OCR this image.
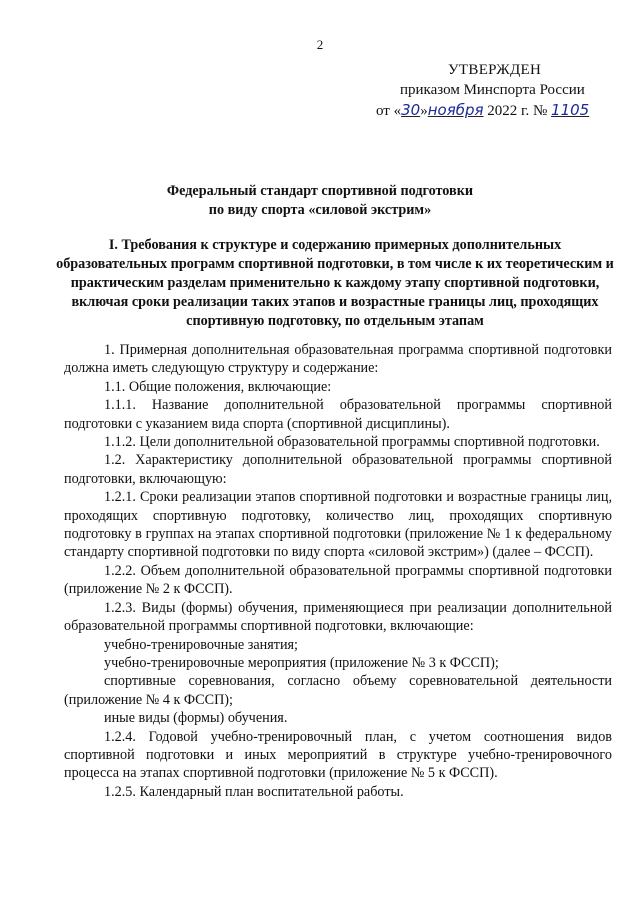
2
УТВЕРЖДЕН
приказом Минспорта России
от «30»ноября 2022 г. № 1105
Федеральный стандарт спортивной подготовки
по виду спорта «силовой экстрим»
I. Требования к структуре и содержанию примерных дополнительных образовательных программ спортивной подготовки, в том числе к их теоретическим и практическим разделам применительно к каждому этапу спортивной подготовки, включая сроки реализации таких этапов и возрастные границы лиц, проходящих спортивную подготовку, по отдельным этапам

1. Примерная дополнительная образовательная программа спортивной подготовки должна иметь следующую структуру и содержание:

1.1. Общие положения, включающие:

1.1.1. Название дополнительной образовательной программы спортивной подготовки с указанием вида спорта (спортивной дисциплины).

1.1.2. Цели дополнительной образовательной программы спортивной подготовки.

1.2. Характеристику дополнительной образовательной программы спортивной подготовки, включающую:

1.2.1. Сроки реализации этапов спортивной подготовки и возрастные границы лиц, проходящих спортивную подготовку, количество лиц, проходящих спортивную подготовку в группах на этапах спортивной подготовки (приложение № 1 к федеральному стандарту спортивной подготовки по виду спорта «силовой экстрим») (далее – ФССП).

1.2.2. Объем дополнительной образовательной программы спортивной подготовки (приложение № 2 к ФССП).

1.2.3. Виды (формы) обучения, применяющиеся при реализации дополнительной образовательной программы спортивной подготовки, включающие:

учебно-тренировочные занятия;

учебно-тренировочные мероприятия (приложение № 3 к ФССП);

спортивные соревнования, согласно объему соревновательной деятельности (приложение № 4 к ФССП);

иные виды (формы) обучения.

1.2.4. Годовой учебно-тренировочный план, с учетом соотношения видов спортивной подготовки и иных мероприятий в структуре учебно-тренировочного процесса на этапах спортивной подготовки (приложение № 5 к ФССП).

1.2.5. Календарный план воспитательной работы.
